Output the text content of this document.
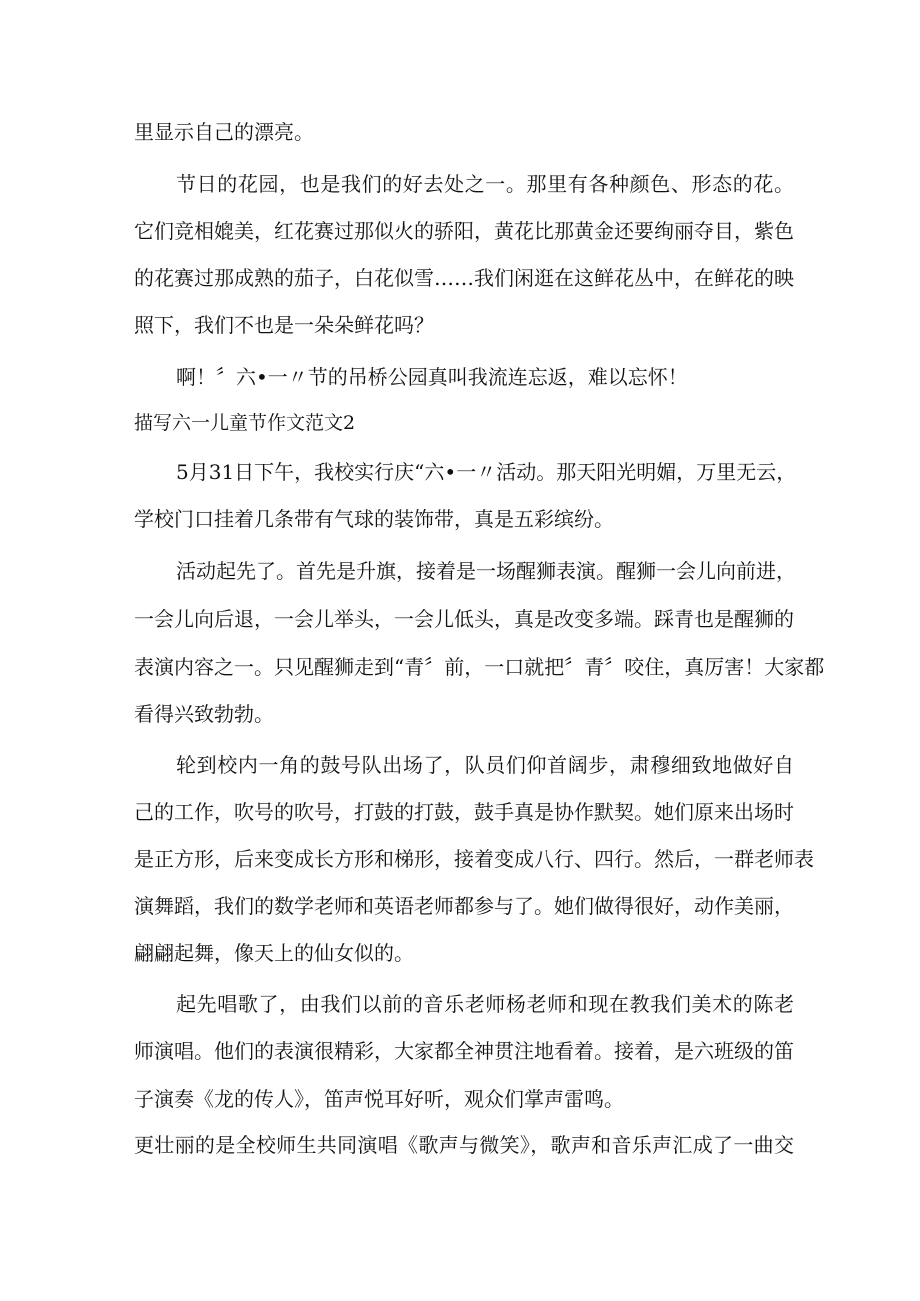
里显示自己的漂亮。
节日的花园，也是我们的好去处之一。那里有各种颜色、形态的花。
它们竞相媲美，红花赛过那似火的骄阳，黄花比那黄金还要绚丽夺目，紫色
的花赛过那成熟的茄子，白花似雪……我们闲逛在这鲜花丛中，在鲜花的映
照下，我们不也是一朵朵鲜花吗？
啊！〞六•一〃节的吊桥公园真叫我流连忘返，难以忘怀！
描写六一儿童节作文范文2
5月31日下午，我校实行庆“六•一〃活动。那天阳光明媚，万里无云，
学校门口挂着几条带有气球的装饰带，真是五彩缤纷。
活动起先了。首先是升旗，接着是一场醒狮表演。醒狮一会儿向前进，
一会儿向后退，一会儿举头，一会儿低头，真是改变多端。踩青也是醒狮的
表演内容之一。只见醒狮走到“青〞前，一口就把〞青〞咬住，真厉害！大家都
看得兴致勃勃。
轮到校内一角的鼓号队出场了，队员们仰首阔步，肃穆细致地做好自
己的工作，吹号的吹号，打鼓的打鼓，鼓手真是协作默契。她们原来出场时
是正方形，后来变成长方形和梯形，接着变成八行、四行。然后，一群老师表
演舞蹈，我们的数学老师和英语老师都参与了。她们做得很好，动作美丽，
翩翩起舞，像天上的仙女似的。
起先唱歌了，由我们以前的音乐老师杨老师和现在教我们美术的陈老
师演唱。他们的表演很精彩，大家都全神贯注地看着。接着，是六班级的笛
子演奏《龙的传人》，笛声悦耳好听，观众们掌声雷鸣。
更壮丽的是全校师生共同演唱《歌声与微笑》，歌声和音乐声汇成了一曲交
